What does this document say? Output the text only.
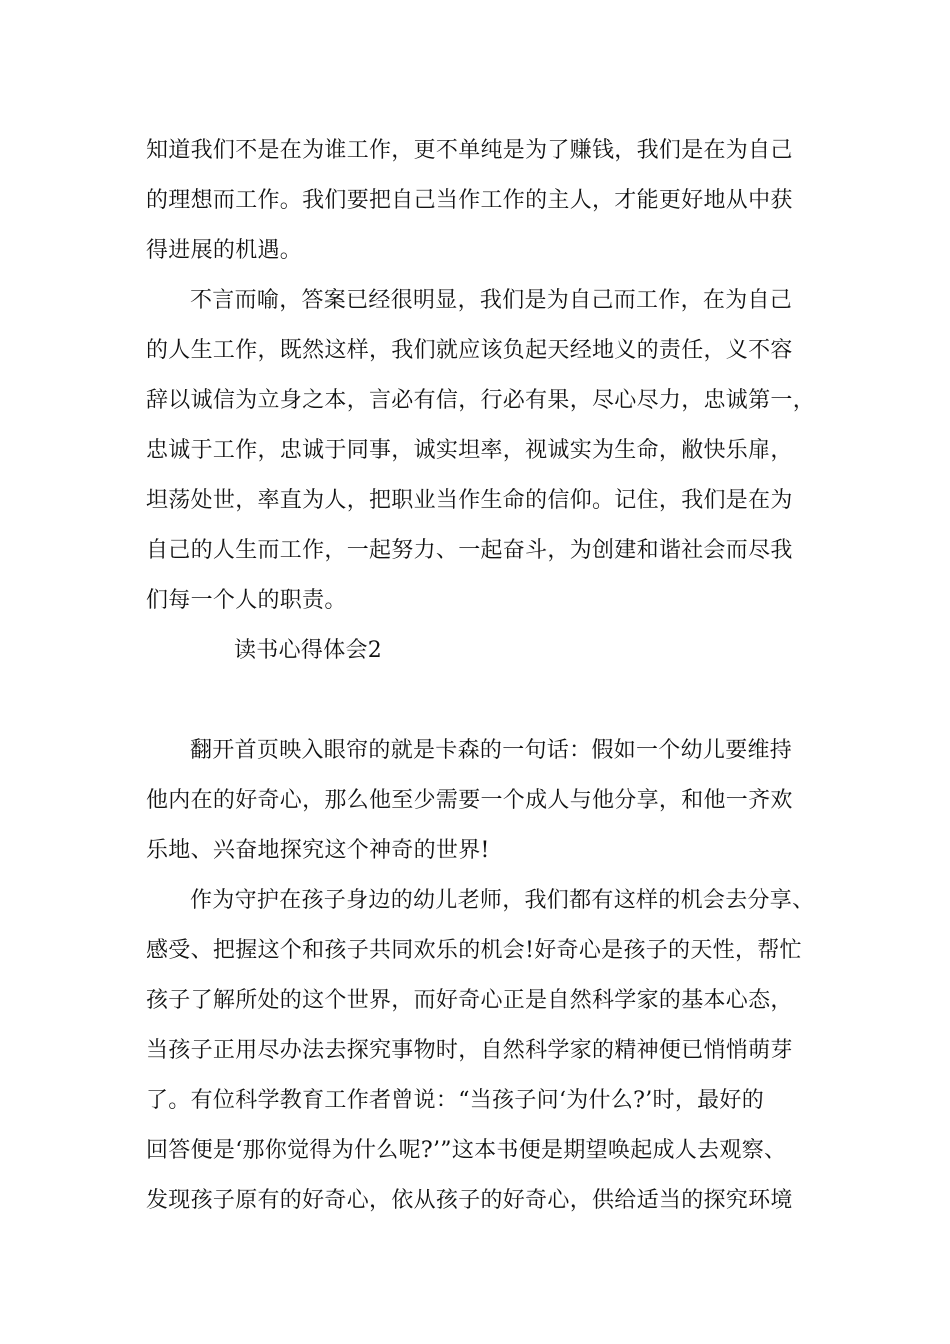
知道我们不是在为谁工作，更不单纯是为了赚钱，我们是在为自己

的理想而工作。我们要把自己当作工作的主人，才能更好地从中获

得进展的机遇。

不言而喻，答案已经很明显，我们是为自己而工作，在为自己

的人生工作，既然这样，我们就应该负起天经地义的责任，义不容

辞以诚信为立身之本，言必有信，行必有果，尽心尽力，忠诚第一，

忠诚于工作，忠诚于同事，诚实坦率，视诚实为生命，敝快乐扉，

坦荡处世，率直为人，把职业当作生命的信仰。记住，我们是在为

自己的人生而工作，一起努力、一起奋斗，为创建和谐社会而尽我

们每一个人的职责。

读书心得体会2

翻开首页映入眼帘的就是卡森的一句话：假如一个幼儿要维持

他内在的好奇心，那么他至少需要一个成人与他分享，和他一齐欢

乐地、兴奋地探究这个神奇的世界!

作为守护在孩子身边的幼儿老师，我们都有这样的机会去分享、

感受、把握这个和孩子共同欢乐的机会!好奇心是孩子的天性，帮忙

孩子了解所处的这个世界，而好奇心正是自然科学家的基本心态，

当孩子正用尽办法去探究事物时，自然科学家的精神便已悄悄萌芽

了。有位科学教育工作者曾说：“当孩子问‘为什么?’时，最好的

回答便是‘那你觉得为什么呢?’”这本书便是期望唤起成人去观察、

发现孩子原有的好奇心，依从孩子的好奇心，供给适当的探究环境
